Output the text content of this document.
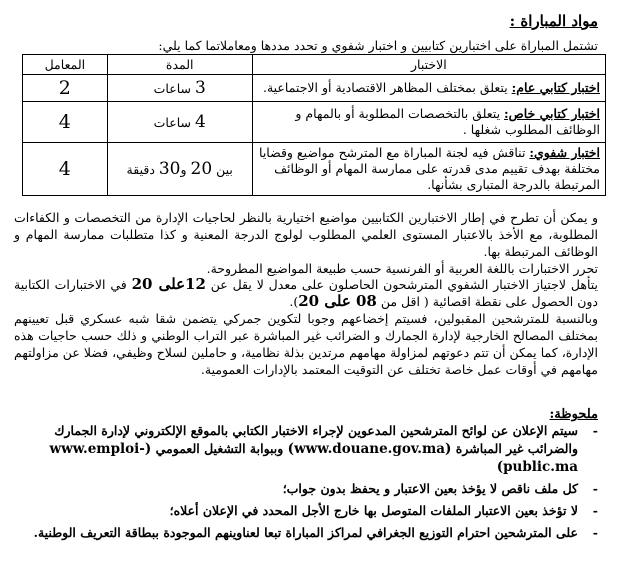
مواد المباراة :
تشتمل المباراة على اختبارين كتابيين و اختبار شفوي و تحدد مددها ومعاملاتما كما يلي:
الاختبار	المدة	المعامل
اختبار كتابي عام: يتعلق بمختلف المظاهر الاقتصادية أو الاجتماعية.	3 ساعات	2
اختبار كتابي خاص: يتعلق بالتخصصات المطلوبة أو بالمهام و الوظائف المطلوب شغلها .	4 ساعات	4
اختبار شفوي: تناقش فيه لجنة المباراة مع المترشح مواضيع وقضايا مختلفة بهدف تقييم مدى قدرته على ممارسة المهام أو الوظائف المرتبطة بالدرجة المتبارى بشأنها.	بين 20 و30 دقيقة	4
و يمكن أن تطرح في إطار الاختبارين الكتابيين مواضيع اختيارية بالنظر لحاجيات الإدارة من التخصصات و الكفاءات المطلوبة، مع الأخذ بالاعتبار المستوى العلمي المطلوب لولوج الدرجة المعنية و كذا متطلبات ممارسة المهام و الوظائف المرتبطة بها.
تحرر الاختبارات باللغة العربية أو الفرنسية حسب طبيعة المواضيع المطروحة.
يتأهل لاجتياز الاختبار الشفوي المترشحون الحاصلون على معدل لا يقل عن 12على 20 في الاختبارات الكتابية دون الحصول على نقطة اقصائية ( اقل من 08 على 20).
وبالنسبة للمترشحين المقبولين، فسيتم إخضاعهم وجوبا لتكوين جمركي يتضمن شقا شبه عسكري قبل تعيينهم بمختلف المصالح الخارجية لإدارة الجمارك و الضرائب غير المباشرة عبر التراب الوطني و ذلك حسب حاجيات هذه الإدارة، كما يمكن أن تتم دعوتهم لمزاولة مهامهم مرتدين بذلة نظامية، و حاملين لسلاح وظيفي، فضلا عن مزاولتهم مهامهم في أوقات عمل خاصة تختلف عن التوقيت المعتمد بالإدارات العمومية.
ملحوظة:
-
سيتم الإعلان عن لوائح المترشحين المدعوين لإجراء الاختبار الكتابي بالموقع الإلكتروني لإدارة الجمارك والضرائب غير المباشرة (www.douane.gov.ma) وببوابة التشغيل العمومي (www.emploi-public.ma)
-
كل ملف ناقص لا يؤخذ بعين الاعتبار و يحفظ بدون جواب؛
-
لا تؤخذ بعين الاعتبار الملفات المتوصل بها خارج الأجل المحدد في الإعلان أعلاه؛
-
على المترشحين احترام التوزيع الجغرافي لمراكز المباراة تبعا لعناوينهم الموجودة ببطاقة التعريف الوطنية.
